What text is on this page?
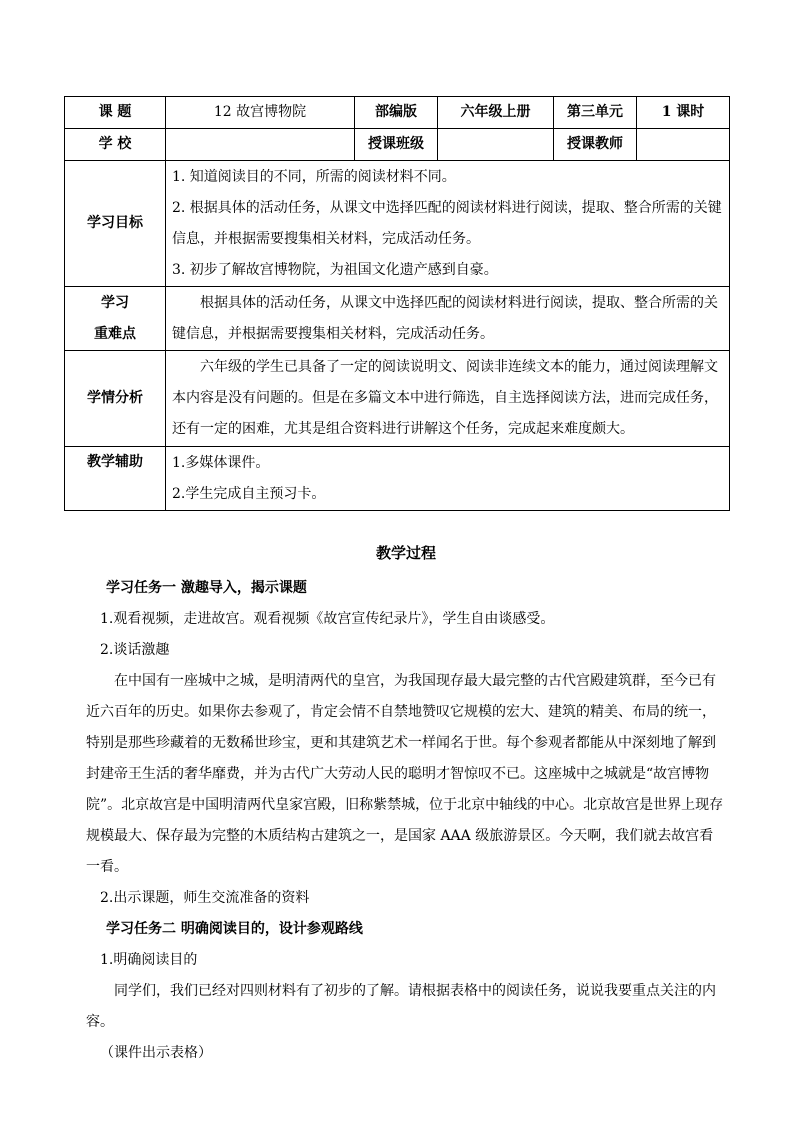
课 题	12 故宫博物院	部编版	六年级上册	第三单元	1 课时
学 校		授课班级		授课教师	
学习目标	1. 知道阅读目的不同，所需的阅读材料不同。
2. 根据具体的活动任务，从课文中选择匹配的阅读材料进行阅读，提取、整合所需的关键信息，并根据需要搜集相关材料，完成活动任务。
3. 初步了解故宫博物院，为祖国文化遗产感到自豪。				

学习
重难点	根据具体的活动任务，从课文中选择匹配的阅读材料进行阅读，提取、整合所需的关键信息，并根据需要搜集相关材料，完成活动任务。				
学情分析	六年级的学生已具备了一定的阅读说明文、阅读非连续文本的能力，通过阅读理解文本内容是没有问题的。但是在多篇文本中进行筛选，自主选择阅读方法，进而完成任务，还有一定的困难，尤其是组合资料进行讲解这个任务，完成起来难度颇大。				
教学辅助	1.多媒体课件。
2.学生完成自主预习卡。				

教学过程

学习任务一 激趣导入，揭示课题

1.观看视频，走进故宫。观看视频《故宫宣传纪录片》，学生自由谈感受。

2.谈话激趣

在中国有一座城中之城，是明清两代的皇宫，为我国现存最大最完整的古代宫殿建筑群，至今已有近六百年的历史。如果你去参观了，肯定会情不自禁地赞叹它规模的宏大、建筑的精美、布局的统一，特别是那些珍藏着的无数稀世珍宝，更和其建筑艺术一样闻名于世。每个参观者都能从中深刻地了解到封建帝王生活的奢华靡费，并为古代广大劳动人民的聪明才智惊叹不已。这座城中之城就是“故宫博物院”。北京故宫是中国明清两代皇家宫殿，旧称紫禁城，位于北京中轴线的中心。北京故宫是世界上现存规模最大、保存最为完整的木质结构古建筑之一，是国家 AAA 级旅游景区。今天啊，我们就去故宫看一看。

2.出示课题，师生交流准备的资料

学习任务二 明确阅读目的，设计参观路线

1.明确阅读目的

同学们，我们已经对四则材料有了初步的了解。请根据表格中的阅读任务，说说我要重点关注的内容。

（课件出示表格）
